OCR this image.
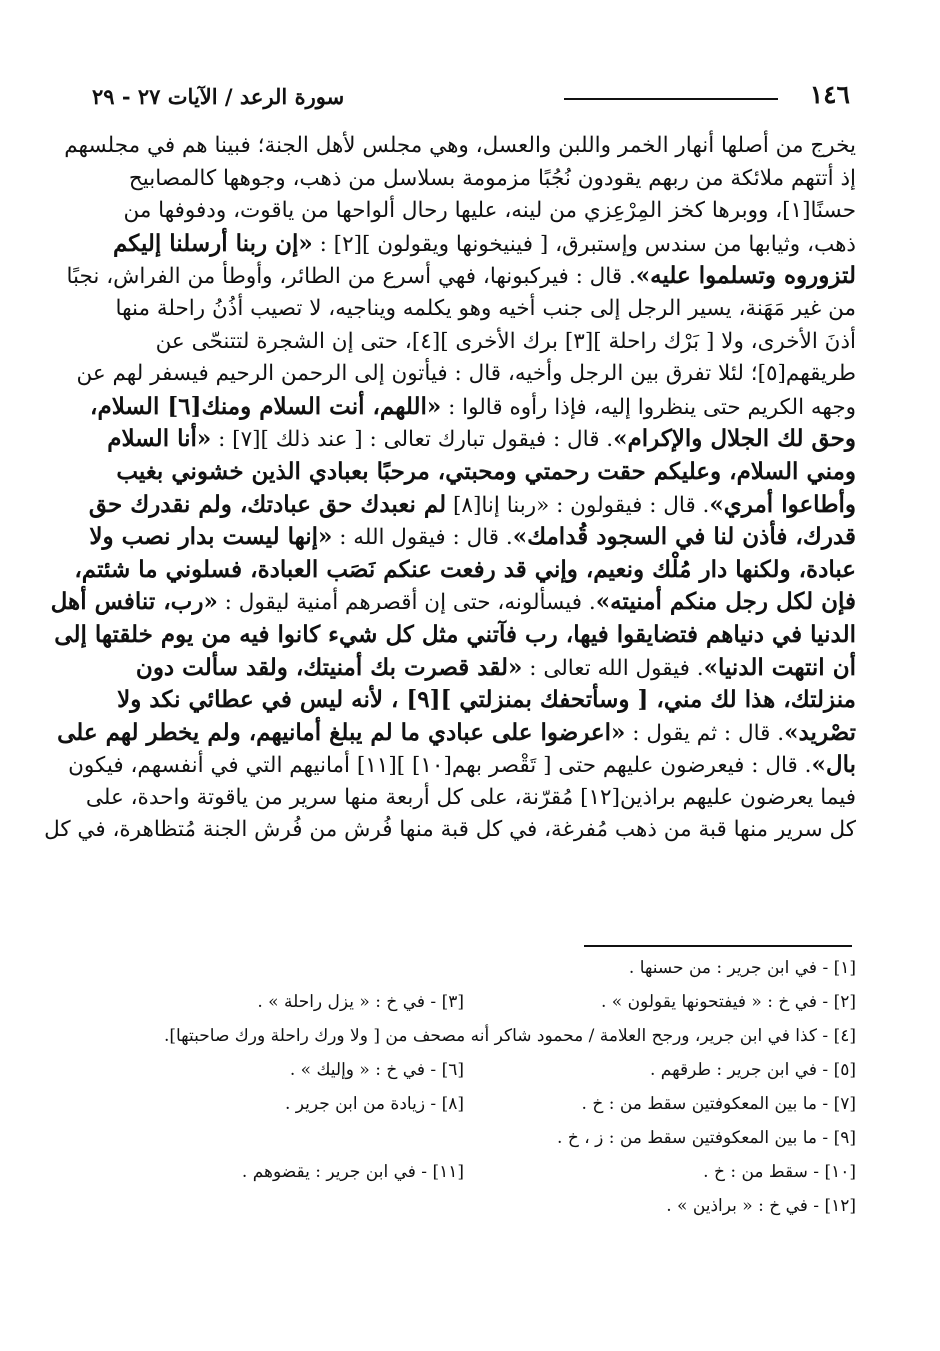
١٤٦
سورة الرعد / الآيات ٢٧ - ٢٩
يخرج من أصلها أنهار الخمر واللبن والعسل، وهي مجلس لأهل الجنة؛ فبينا هم في مجلسهم
إذ أتتهم ملائكة من ربهم يقودون نُجُبًا مزمومة بسلاسل من ذهب، وجوهها كالمصابيح
حسنًا[١]، ووبرها كخز المِرْعِزي من لينه، عليها رحال ألواحها من ياقوت، ودفوفها من
ذهب، وثيابها من سندس وإستبرق، [ فينيخونها ويقولون ][٢] : «إن ربنا أرسلنا إليكم
لتزوروه وتسلموا عليه». قال : فيركبونها، فهي أسرع من الطائر، وأوطأ من الفراش، نجبًا
من غير مَهَنة، يسير الرجل إلى جنب أخيه وهو يكلمه ويناجيه، لا تصيب أذُنُ راحلة منها
أذنَ الأخرى، ولا [ بَرْك راحلة ][٣] برك الأخرى ][٤]، حتى إن الشجرة لتتنحّى عن
طريقهم[٥]؛ لئلا تفرق بين الرجل وأخيه، قال : فيأتون إلى الرحمن الرحيم فيسفر لهم عن
وجهه الكريم حتى ينظروا إليه، فإذا رأوه قالوا : «اللهم، أنت السلام ومنك[٦] السلام،
وحق لك الجلال والإكرام». قال : فيقول تبارك تعالى : [ عند ذلك ][٧] : «أنا السلام
ومني السلام، وعليكم حقت رحمتي ومحبتي، مرحبًا بعبادي الذين خشوني بغيب
وأطاعوا أمري». قال : فيقولون : «ربنا إنا[٨] لم نعبدك حق عبادتك، ولم نقدرك حق
قدرك، فأذن لنا في السجود قُدامك». قال : فيقول الله : «إنها ليست بدار نصب ولا
عبادة، ولكنها دار مُلْك ونعيم، وإني قد رفعت عنكم نَصَب العبادة، فسلوني ما شئتم،
فإن لكل رجل منكم أمنيته». فيسألونه، حتى إن أقصرهم أمنية ليقول : «رب، تنافس أهل
الدنيا في دنياهم فتضايقوا فيها، رب فآتني مثل كل شيء كانوا فيه من يوم خلقتها إلى
أن انتهت الدنيا». فيقول الله تعالى : «لقد قصرت بك أمنيتك، ولقد سألت دون
منزلتك، هذا لك مني، [ وسأتحفك بمنزلتي ][٩] ، لأنه ليس في عطائي نكد ولا
تصْريد». قال : ثم يقول : «اعرضوا على عبادي ما لم يبلغ أمانيهم، ولم يخطر لهم على
بال». قال : فيعرضون عليهم حتى [ تَقْصر بهم[١٠] ][١١] أمانيهم التي في أنفسهم، فيكون
فيما يعرضون عليهم براذين[١٢] مُقرّنة، على كل أربعة منها سرير من ياقوتة واحدة، على
كل سرير منها قبة من ذهب مُفرغة، في كل قبة منها فُرش من فُرش الجنة مُتظاهرة، في كل
[١] - في ابن جرير : من حسنها .
[٢] - في خ : « فيفتحونها يقولون » .
[٣] - في خ : « يزل راحلة » .
[٤] - كذا في ابن جرير، ورجح العلامة / محمود شاكر أنه مصحف من [ ولا ورك راحلة ورك صاحبتها].
[٥] - في ابن جرير : طرقهم .
[٦] - في خ : « وإليك » .
[٧] - ما بين المعكوفتين سقط من : خ .
[٨] - زيادة من ابن جرير .
[٩] - ما بين المعكوفتين سقط من : ز ، خ .
[١٠] - سقط من : خ .
[١١] - في ابن جرير : يقضوهم .
[١٢] - في خ : « براذين » .
